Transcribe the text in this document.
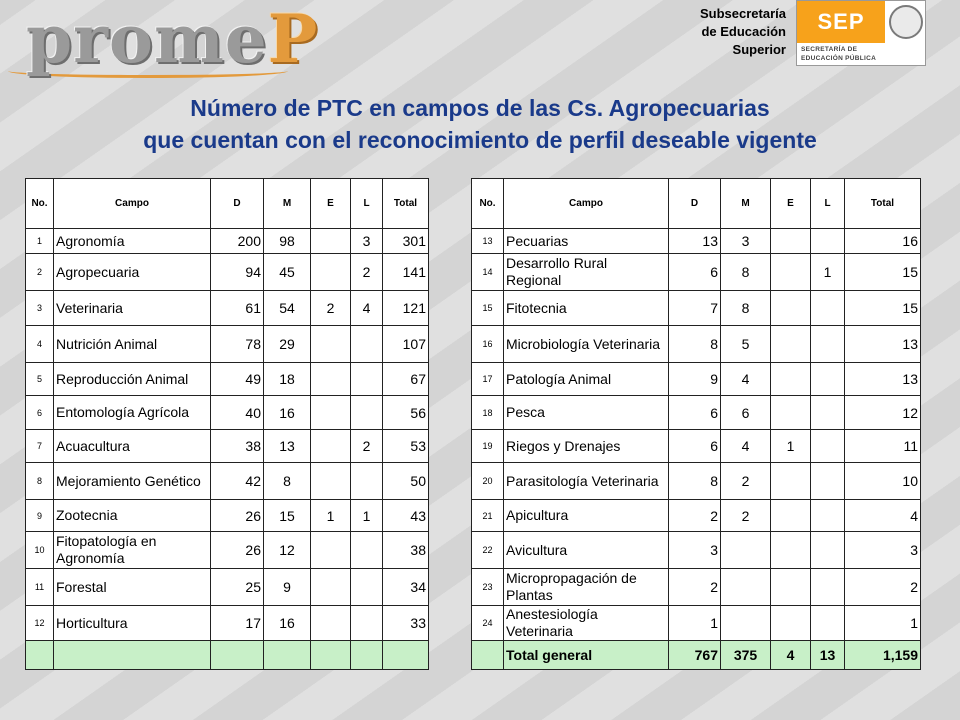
promeP	Subsecretaría
de Educación
Superior
SEP
SECRETARÍA DE
EDUCACIÓN PÚBLICA
Número de PTC en campos de las Cs. Agropecuarias
que cuentan con el reconocimiento de perfil deseable vigente
No.	Campo	D	M	E	L	Total
1	Agronomía	200	98		3	301
2	Agropecuaria	94	45		2	141
3	Veterinaria	61	54	2	4	121
4	Nutrición Animal	78	29			107
5	Reproducción Animal	49	18			67
6	Entomología Agrícola	40	16			56
7	Acuacultura	38	13		2	53
8	Mejoramiento Genético	42	8			50
9	Zootecnia	26	15	1	1	43
10	Fitopatología en Agronomía	26	12			38
11	Forestal	25	9			34
12	Horticultura	17	16			33

No.	Campo	D	M	E	L	Total
13	Pecuarias	13	3			16
14	Desarrollo Rural Regional	6	8		1	15
15	Fitotecnia	7	8			15
16	Microbiología Veterinaria	8	5			13
17	Patología Animal	9	4			13
18	Pesca	6	6			12
19	Riegos y Drenajes	6	4	1		11
20	Parasitología Veterinaria	8	2			10
21	Apicultura	2	2			4
22	Avicultura	3				3
23	Micropropagación de Plantas	2				2
24	Anestesiología Veterinaria	1				1
	Total general	767	375	4	13	1,159
